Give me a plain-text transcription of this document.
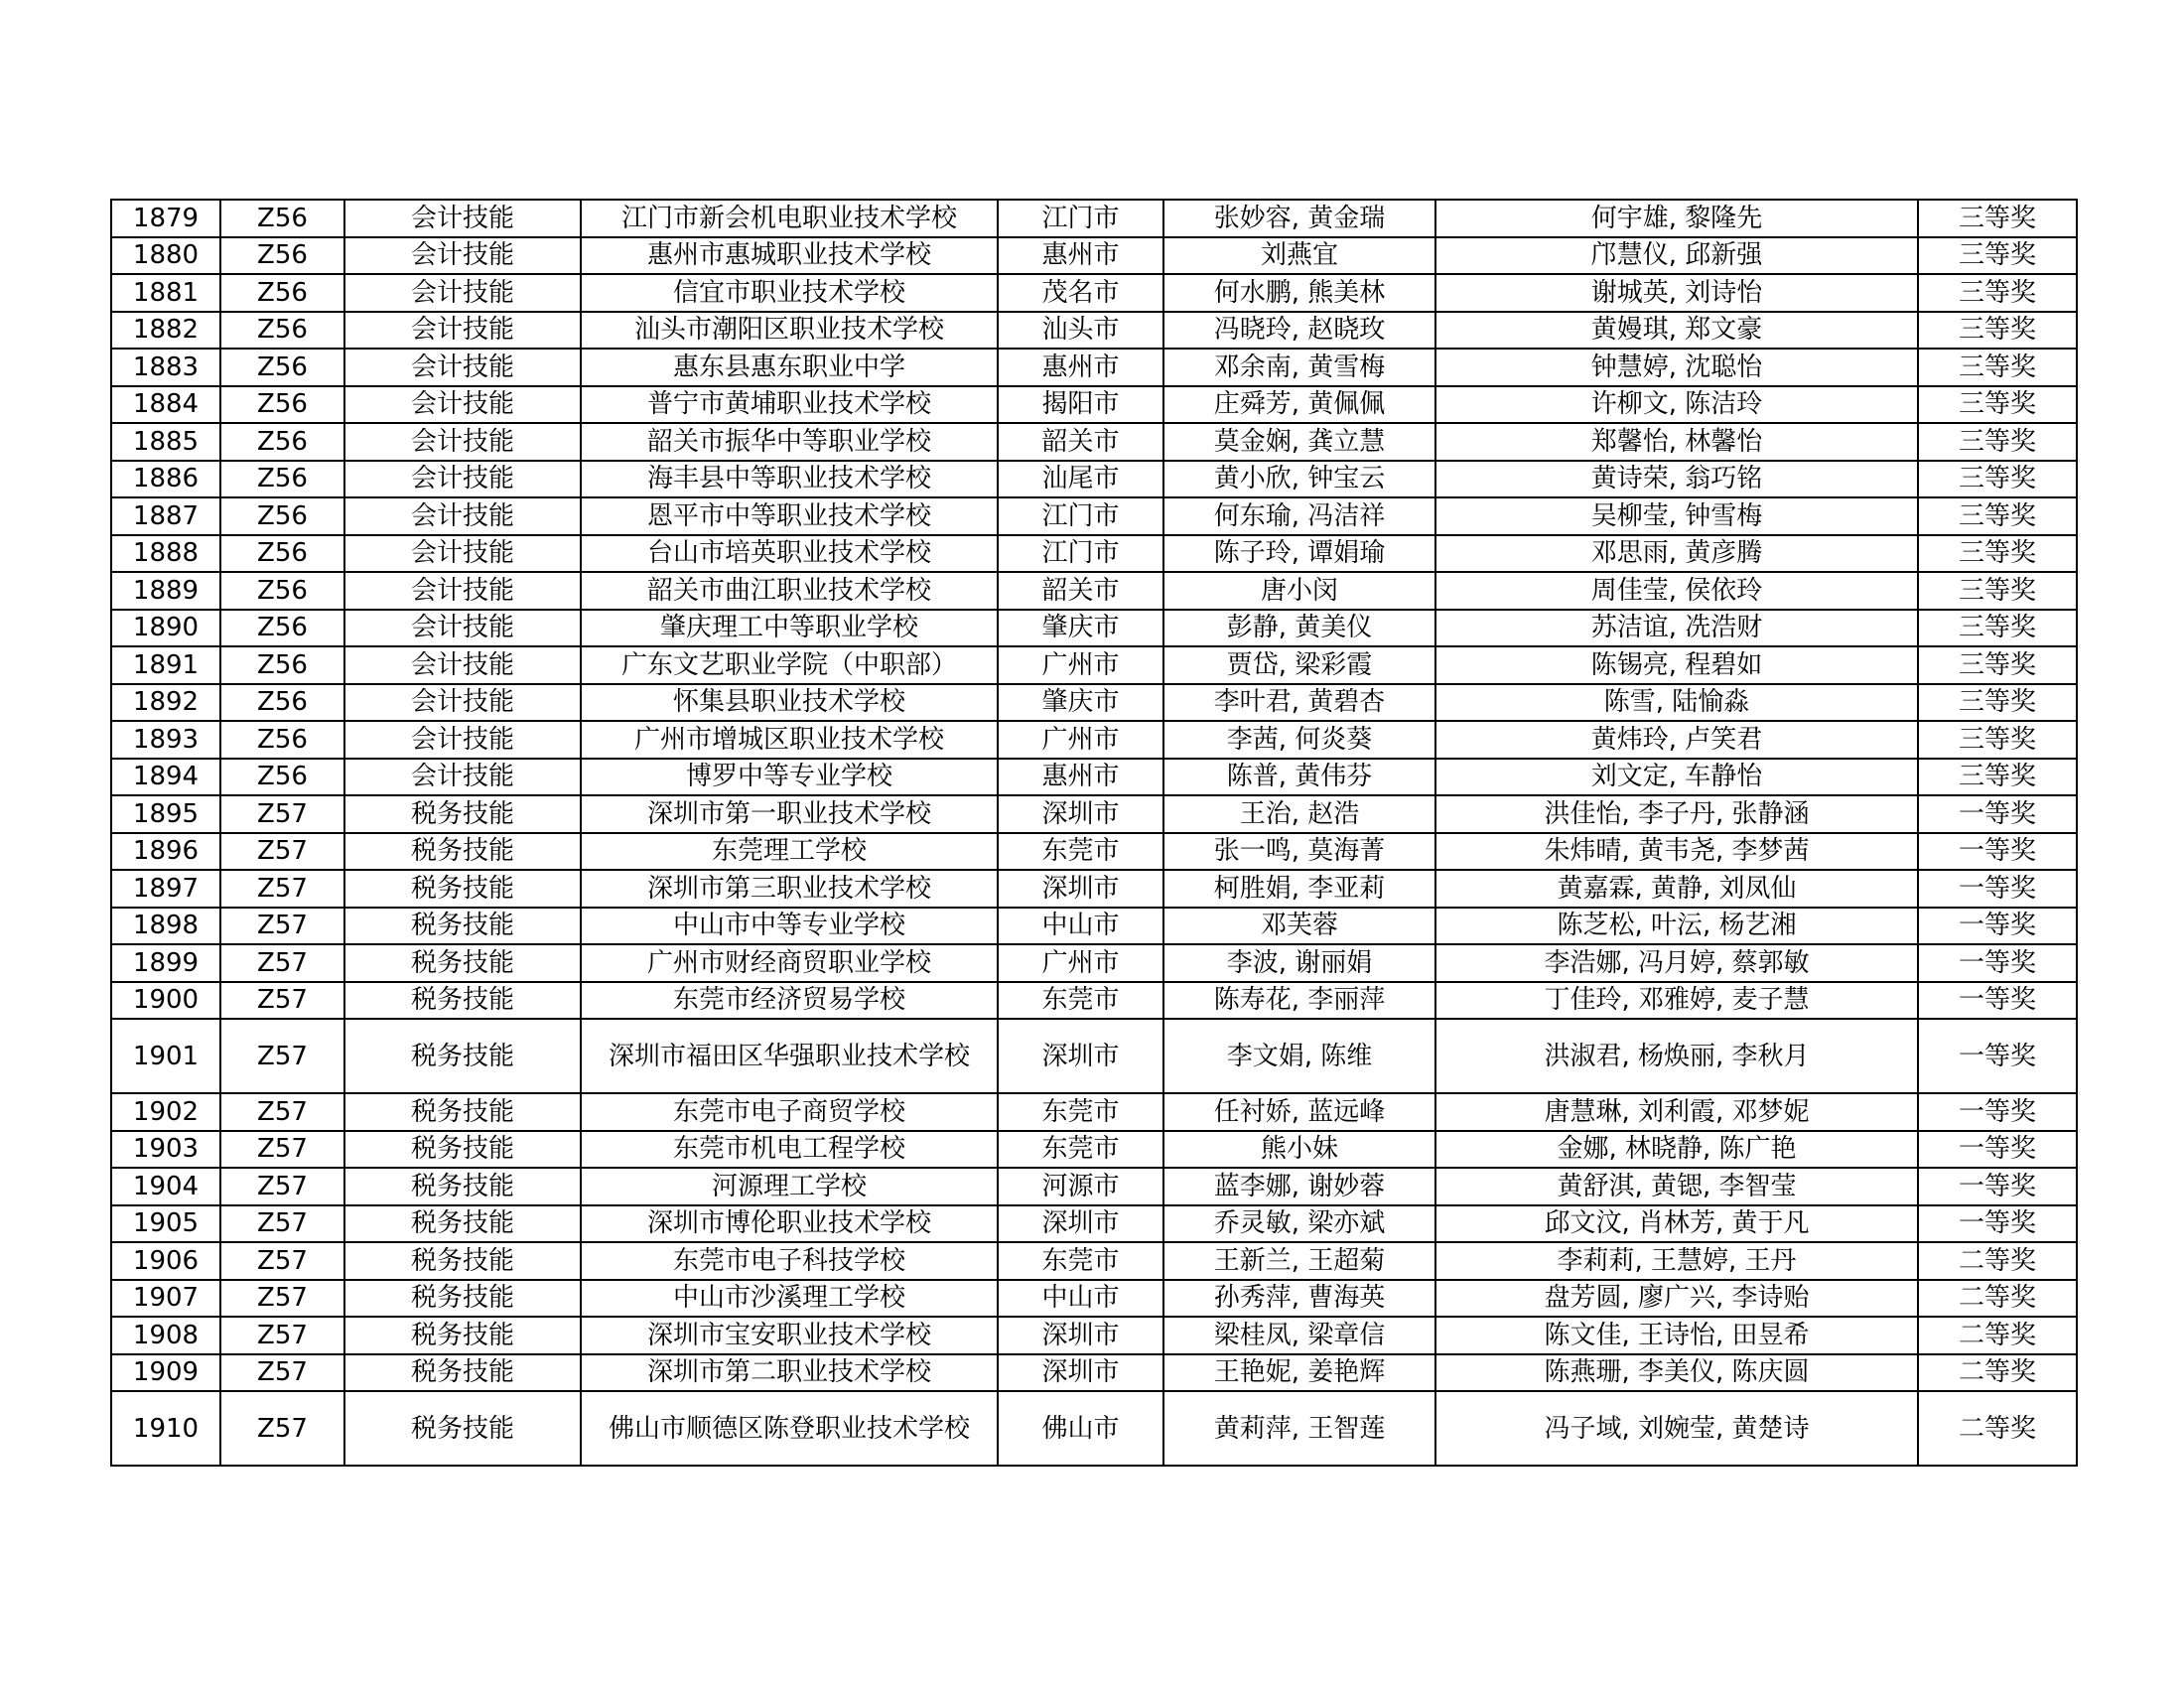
1879	Z56	会计技能	江门市新会机电职业技术学校	江门市	张妙容, 黄金瑞	何宇雄, 黎隆先	三等奖
1880	Z56	会计技能	惠州市惠城职业技术学校	惠州市	刘燕宜	邝慧仪, 邱新强	三等奖
1881	Z56	会计技能	信宜市职业技术学校	茂名市	何水鹏, 熊美林	谢城英, 刘诗怡	三等奖
1882	Z56	会计技能	汕头市潮阳区职业技术学校	汕头市	冯晓玲, 赵晓玫	黄嫚琪, 郑文豪	三等奖
1883	Z56	会计技能	惠东县惠东职业中学	惠州市	邓余南, 黄雪梅	钟慧婷, 沈聪怡	三等奖
1884	Z56	会计技能	普宁市黄埔职业技术学校	揭阳市	庄舜芳, 黄佩佩	许柳文, 陈洁玲	三等奖
1885	Z56	会计技能	韶关市振华中等职业学校	韶关市	莫金娴, 龚立慧	郑馨怡, 林馨怡	三等奖
1886	Z56	会计技能	海丰县中等职业技术学校	汕尾市	黄小欣, 钟宝云	黄诗荣, 翁巧铭	三等奖
1887	Z56	会计技能	恩平市中等职业技术学校	江门市	何东瑜, 冯洁祥	吴柳莹, 钟雪梅	三等奖
1888	Z56	会计技能	台山市培英职业技术学校	江门市	陈子玲, 谭娟瑜	邓思雨, 黄彦腾	三等奖
1889	Z56	会计技能	韶关市曲江职业技术学校	韶关市	唐小闵	周佳莹, 侯依玲	三等奖
1890	Z56	会计技能	肇庆理工中等职业学校	肇庆市	彭静, 黄美仪	苏洁谊, 冼浩财	三等奖
1891	Z56	会计技能	广东文艺职业学院（中职部）	广州市	贾岱, 梁彩霞	陈锡亮, 程碧如	三等奖
1892	Z56	会计技能	怀集县职业技术学校	肇庆市	李叶君, 黄碧杏	陈雪, 陆愉淼	三等奖
1893	Z56	会计技能	广州市增城区职业技术学校	广州市	李茜, 何炎葵	黄炜玲, 卢笑君	三等奖
1894	Z56	会计技能	博罗中等专业学校	惠州市	陈普, 黄伟芬	刘文定, 车静怡	三等奖
1895	Z57	税务技能	深圳市第一职业技术学校	深圳市	王治, 赵浩	洪佳怡, 李子丹, 张静涵	一等奖
1896	Z57	税务技能	东莞理工学校	东莞市	张一鸣, 莫海菁	朱炜晴, 黄韦尧, 李梦茜	一等奖
1897	Z57	税务技能	深圳市第三职业技术学校	深圳市	柯胜娟, 李亚莉	黄嘉霖, 黄静, 刘凤仙	一等奖
1898	Z57	税务技能	中山市中等专业学校	中山市	邓芙蓉	陈芝松, 叶沄, 杨艺湘	一等奖
1899	Z57	税务技能	广州市财经商贸职业学校	广州市	李波, 谢丽娟	李浩娜, 冯月婷, 蔡郭敏	一等奖
1900	Z57	税务技能	东莞市经济贸易学校	东莞市	陈寿花, 李丽萍	丁佳玲, 邓雅婷, 麦子慧	一等奖
1901	Z57	税务技能	深圳市福田区华强职业技术学校	深圳市	李文娟, 陈维	洪淑君, 杨焕丽, 李秋月	一等奖
1902	Z57	税务技能	东莞市电子商贸学校	东莞市	任衬娇, 蓝远峰	唐慧琳, 刘利霞, 邓梦妮	一等奖
1903	Z57	税务技能	东莞市机电工程学校	东莞市	熊小妹	金娜, 林晓静, 陈广艳	一等奖
1904	Z57	税务技能	河源理工学校	河源市	蓝李娜, 谢妙蓉	黄舒淇, 黄锶, 李智莹	一等奖
1905	Z57	税务技能	深圳市博伦职业技术学校	深圳市	乔灵敏, 梁亦斌	邱文汶, 肖林芳, 黄于凡	一等奖
1906	Z57	税务技能	东莞市电子科技学校	东莞市	王新兰, 王超菊	李莉莉, 王慧婷, 王丹	二等奖
1907	Z57	税务技能	中山市沙溪理工学校	中山市	孙秀萍, 曹海英	盘芳圆, 廖广兴, 李诗贻	二等奖
1908	Z57	税务技能	深圳市宝安职业技术学校	深圳市	梁桂凤, 梁章信	陈文佳, 王诗怡, 田昱希	二等奖
1909	Z57	税务技能	深圳市第二职业技术学校	深圳市	王艳妮, 姜艳辉	陈燕珊, 李美仪, 陈庆圆	二等奖
1910	Z57	税务技能	佛山市顺德区陈登职业技术学校	佛山市	黄莉萍, 王智莲	冯子域, 刘婉莹, 黄楚诗	二等奖
